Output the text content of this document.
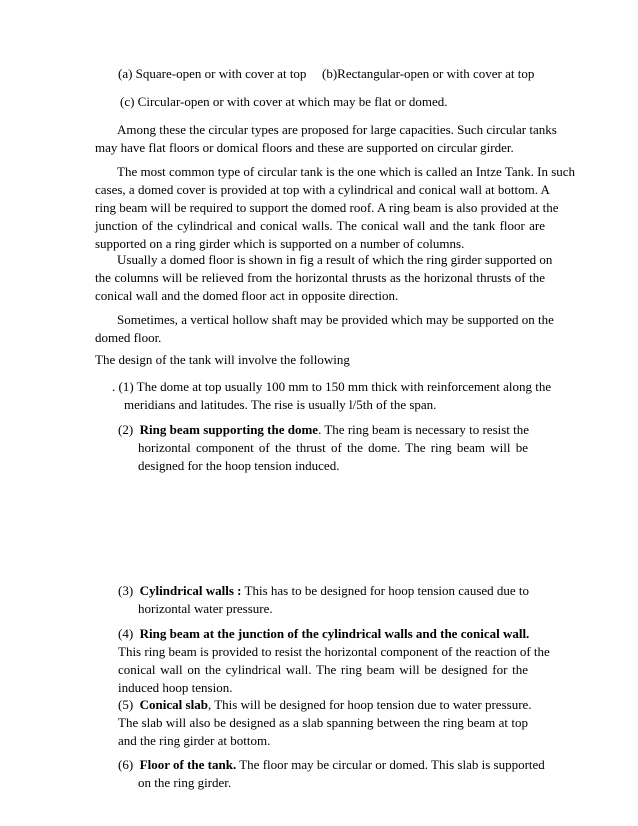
(a) Square-open or with cover at top (b)Rectangular-open or with cover at top

(c) Circular-open or with cover at which may be flat or domed.

Among these the circular types are proposed for large capacities. Such circular tanks
may have flat floors or domical floors and these are supported on circular girder.
The most common type of circular tank is the one which is called an Intze Tank. In such
cases, a domed cover is provided at top with a cylindrical and conical wall at bottom. A
ring beam will be required to support the domed roof. A ring beam is also provided at the
junction of the cylindrical and conical walls. The conical wall and the tank floor are
supported on a ring girder which is supported on a number of columns.
Usually a domed floor is shown in fig a result of which the ring girder supported on
the columns will be relieved from the horizontal thrusts as the horizonal thrusts of the
conical wall and the domed floor act in opposite direction.
Sometimes, a vertical hollow shaft may be provided which may be supported on the
domed floor.

The design of the tank will involve the following

. (1) The dome at top usually 100 mm to 150 mm thick with reinforcement along the
meridians and latitudes. The rise is usually l/5th of the span.
(2) Ring beam supporting the dome. The ring beam is necessary to resist the
horizontal component of the thrust of the dome. The ring beam will be
designed for the hoop tension induced.
(3) Cylindrical walls : This has to be designed for hoop tension caused due to
horizontal water pressure.
(4) Ring beam at the junction of the cylindrical walls and the conical wall.
This ring beam is provided to resist the horizontal component of the reaction of the
conical wall on the cylindrical wall. The ring beam will be designed for the
induced hoop tension.
(5) Conical slab, This will be designed for hoop tension due to water pressure.
The slab will also be designed as a slab spanning between the ring beam at top
and the ring girder at bottom.
(6) Floor of the tank. The floor may be circular or domed. This slab is supported
on the ring girder.
